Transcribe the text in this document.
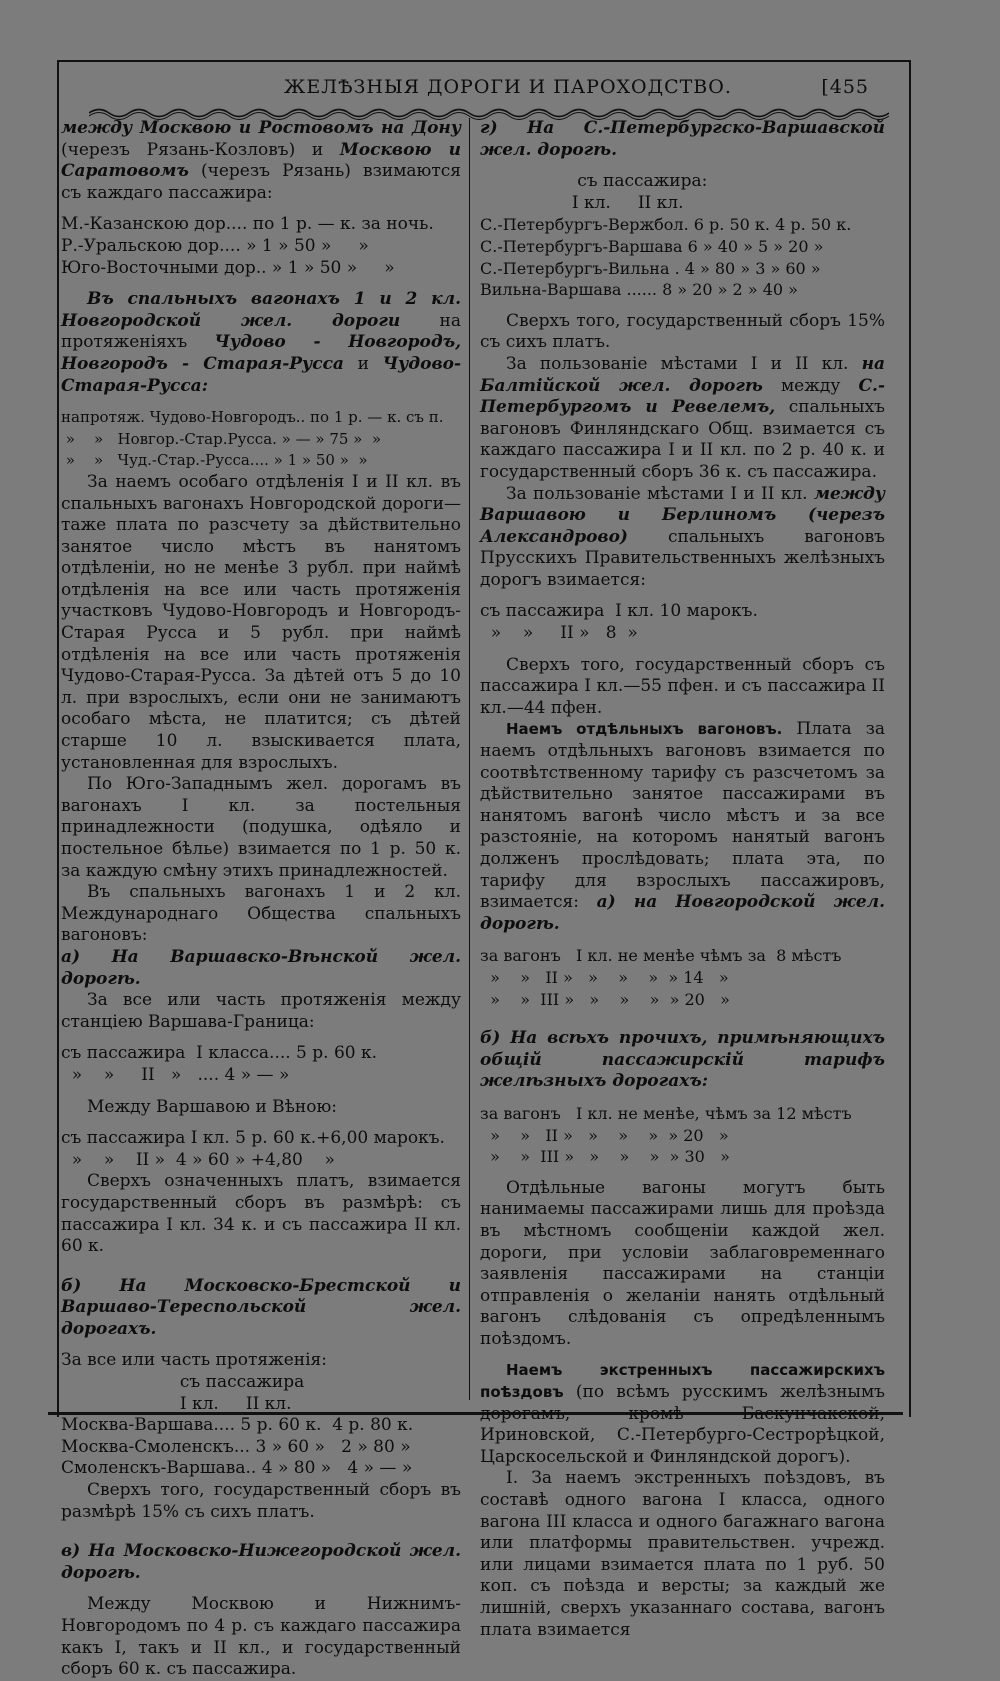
ЖЕЛѢЗНЫЯ ДОРОГИ И ПАРОХОДСТВО.	[455

между Москвою и Ростовомъ на Дону (черезъ Рязань-Козловъ) и Москвою и Саратовомъ (черезъ Рязань) взимаются съ каждаго пассажира:

М.-Казанскою дор.... по 1 р. — к. за ночь.

Р.-Уральскою дор.... » 1 » 50 »     »

Юго-Восточными дор.. » 1 » 50 »     »

Въ спальныхъ вагонахъ 1 и 2 кл. Новгородской жел. дороги на протяженіяхъ Чудово - Новгородъ, Новгородъ - Старая-Русса и Чудово-Старая-Русса:

напротяж. Чудово-Новгородъ.. по 1 р. — к. съ п.

»    »   Новгор.-Стар.Русса. » — » 75 »  »

»    »   Чуд.-Стар.-Русса.... » 1 » 50 »  »

За наемъ особаго отдѣленія I и II кл. въ спальныхъ вагонахъ Новгородской дороги— таже плата по разсчету за дѣйствительно занятое число мѣстъ въ нанятомъ отдѣленіи, но не менѣе 3 рубл. при наймѣ отдѣленія на все или часть протяженія участковъ Чудово-Новгородъ и Новгородъ-Старая Русса и 5 рубл. при наймѣ отдѣленія на все или часть протяженія Чудово-Старая-Русса. За дѣтей отъ 5 до 10 л. при взрослыхъ, если они не занимаютъ особаго мѣста, не платится; съ дѣтей старше 10 л. взыскивается плата, установленная для взрослыхъ.

По Юго-Западнымъ жел. дорогамъ въ вагонахъ I кл. за постельныя принадлежности (подушка, одѣяло и постельное бѣлье) взимается по 1 р. 50 к. за каждую смѣну этихъ принадлежностей.

Въ спальныхъ вагонахъ 1 и 2 кл. Международнаго Общества спальныхъ вагоновъ:

а) На Варшавско-Вѣнской жел. дорогѣ.

За все или часть протяженія между станціею Варшава-Граница:

съ пассажира  I класса.... 5 р. 60 к.

»    »     II   »   .... 4 » — »

Между Варшавою и Вѣною:

съ пассажира I кл. 5 р. 60 к.+6,00 марокъ.

»    »    II »  4 » 60 » +4,80    »

Сверхъ означенныхъ платъ, взимается государственный сборъ въ размѣрѣ: съ пассажира I кл. 34 к. и съ пассажира II кл. 60 к.

б) На Московско-Брестской и Варшаво-Тереспольской жел. дорогахъ.

За все или часть протяженія:

съ пассажира

I кл.     II кл.

Москва-Варшава.... 5 р. 60 к.  4 р. 80 к.

Москва-Смоленскъ... 3 » 60 »   2 » 80 »

Смоленскъ-Варшава.. 4 » 80 »   4 » — »

Сверхъ того, государственный сборъ въ размѣрѣ 15% съ сихъ платъ.

в) На Московско-Нижегородской жел. дорогѣ.

Между Москвою и Нижнимъ-Новгородомъ по 4 р. съ каждаго пассажира какъ I, такъ и II кл., и государственный сборъ 60 к. съ пассажира.

г) На С.-Петербургско-Варшавской жел. дорогѣ.

съ пассажира:

I кл.     II кл.

С.-Петербургъ-Вержбол. 6 р. 50 к. 4 р. 50 к.

С.-Петербургъ-Варшава 6 » 40 » 5 » 20 »

С.-Петербургъ-Вильна . 4 » 80 » 3 » 60 »

Вильна-Варшава ...... 8 » 20 » 2 » 40 »

Сверхъ того, государственный сборъ 15% съ сихъ платъ.

За пользованіе мѣстами I и II кл. на Балтійской жел. дорогѣ между С.-Петербургомъ и Ревелемъ, спальныхъ вагоновъ Финляндскаго Общ. взимается съ каждаго пассажира I и II кл. по 2 р. 40 к. и государственный сборъ 36 к. съ пассажира.

За пользованіе мѣстами I и II кл. между Варшавою и Берлиномъ (черезъ Александрово) спальныхъ вагоновъ Прусскихъ Правительственныхъ желѣзныхъ дорогъ взимается:

съ пассажира  I кл. 10 марокъ.

»    »     II »   8  »

Сверхъ того, государственный сборъ съ пассажира I кл.—55 пфен. и съ пассажира II кл.—44 пфен.

Наемъ отдѣльныхъ вагоновъ. Плата за наемъ отдѣльныхъ вагоновъ взимается по соотвѣтственному тарифу съ разсчетомъ за дѣйствительно занятое пассажирами въ нанятомъ вагонѣ число мѣстъ и за все разстояніе, на которомъ нанятый вагонъ долженъ прослѣдовать; плата эта, по тарифу для взрослыхъ пассажировъ, взимается: а) на Новгородской жел. дорогѣ.

за вагонъ   I кл. не менѣе чѣмъ за  8 мѣстъ

»    »   II »   »    »    »  » 14   »

»    »  III »   »    »    »  » 20   »

б) На всѣхъ прочихъ, примѣняющихъ общій пассажирскій тарифъ желѣзныхъ дорогахъ:

за вагонъ   I кл. не менѣе, чѣмъ за 12 мѣстъ

»    »   II »   »    »    »  » 20   »

»    »  III »   »    »    »  » 30   »

Отдѣльные вагоны могутъ быть нанимаемы пассажирами лишь для проѣзда въ мѣстномъ сообщеніи каждой жел. дороги, при условіи заблаговременнаго заявленія пассажирами на станціи отправленія о желаніи нанять отдѣльный вагонъ слѣдованія съ опредѣленнымъ поѣздомъ.

Наемъ экстренныхъ пассажирскихъ поѣздовъ (по всѣмъ русскимъ желѣзнымъ дорогамъ, кромѣ Баскунчакской, Ириновской, С.-Петербурго-Сестрорѣцкой, Царскосельской и Финляндской дорогъ).

I. За наемъ экстренныхъ поѣздовъ, въ составѣ одного вагона I класса, одного вагона III класса и одного багажнаго вагона или платформы правительствен. учрежд. или лицами взимается плата по 1 руб. 50 коп. съ поѣзда и версты; за каждый же лишній, сверхъ указаннаго состава, вагонъ плата взимается
